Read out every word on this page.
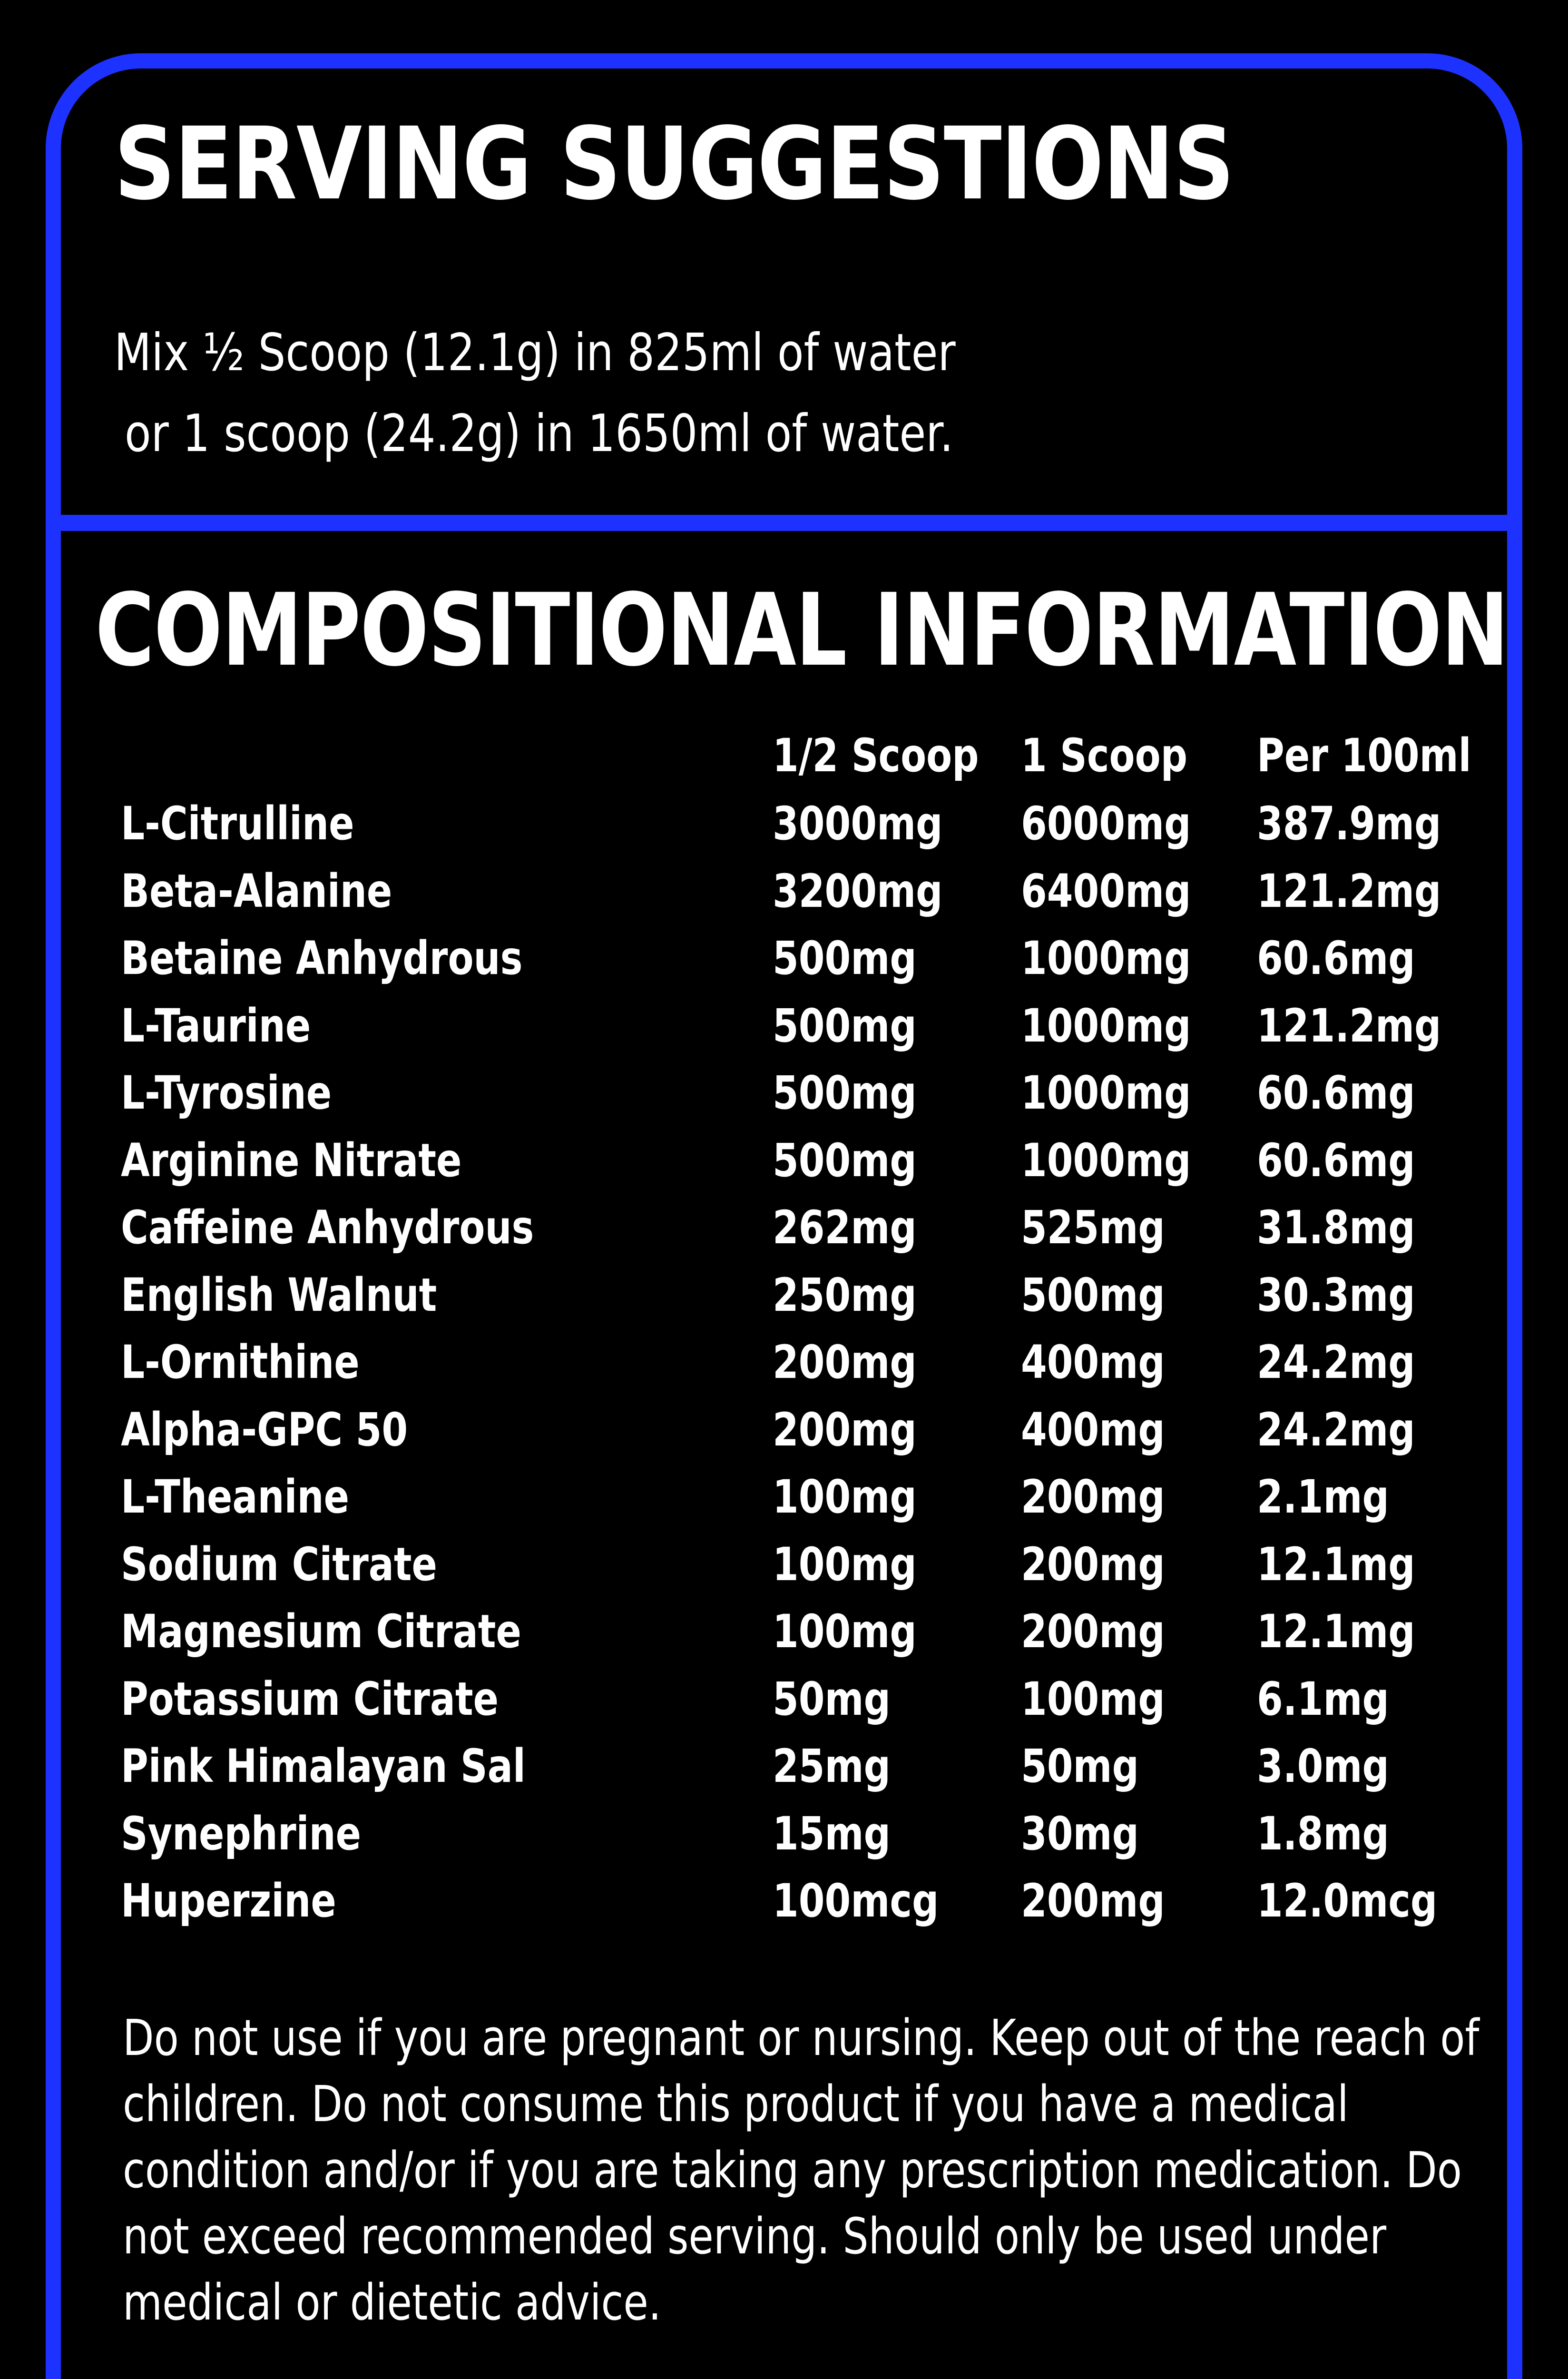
SERVING SUGGESTIONS
Mix ½ Scoop (12.1g) in 825ml of water
or 1 scoop (24.2g) in 1650ml of water.
COMPOSITIONAL INFORMATION
1/2 Scoop 1 Scoop Per 100ml
L-Citrulline	3000mg 6000mg 387.9mg
Beta-Alanine	3200mg 6400mg 121.2mg
Betaine Anhydrous	500mg 1000mg 60.6mg
L-Taurine	500mg 1000mg 121.2mg
L-Tyrosine	500mg 1000mg 60.6mg
Arginine Nitrate	500mg 1000mg 60.6mg
Caffeine Anhydrous	262mg 525mg 31.8mg
English Walnut	250mg 500mg 30.3mg
L-Ornithine	200mg 400mg 24.2mg
Alpha-GPC 50	200mg 400mg 24.2mg
L-Theanine	100mg 200mg 2.1mg
Sodium Citrate	100mg 200mg 12.1mg
Magnesium Citrate	100mg 200mg 12.1mg
Potassium Citrate	50mg	100mg 6.1mg
Pink Himalayan Sal	25mg	50mg	3.0mg
Synephrine	15mg	30mg	1.8mg
Huperzine	100mcg 200mg 12.0mcg
Do not use if you are pregnant or nursing. Keep out of the reach of
children. Do not consume this product if you have a medical
condition and/or if you are taking any prescription medication. Do
not exceed recommended serving. Should only be used under
medical or dietetic advice.
